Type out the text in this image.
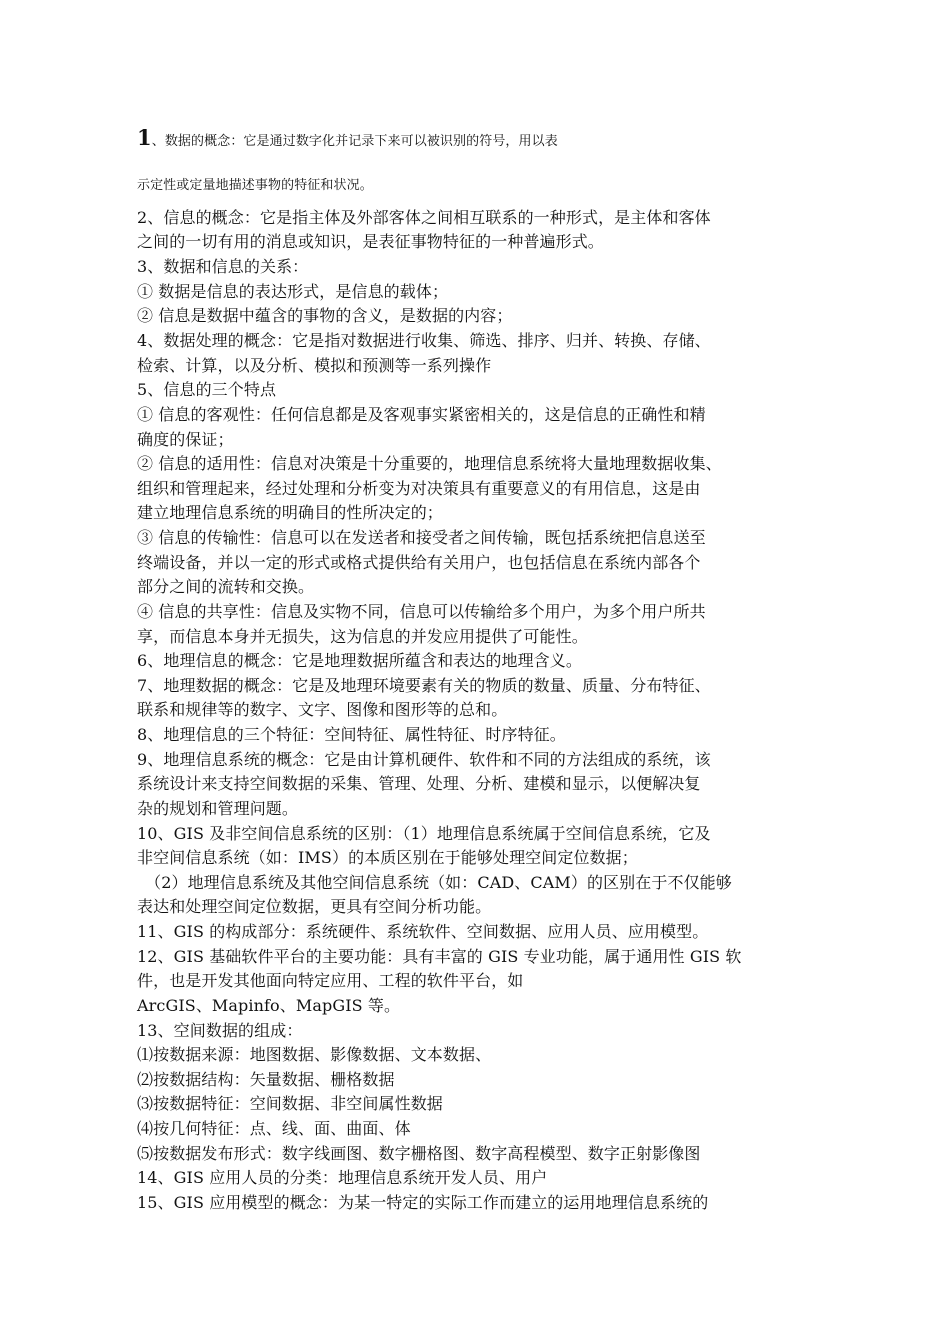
1、数据的概念：它是通过数字化并记录下来可以被识别的符号，用以表

示定性或定量地描述事物的特征和状况。

2、信息的概念：它是指主体及外部客体之间相互联系的一种形式，是主体和客体

之间的一切有用的消息或知识，是表征事物特征的一种普遍形式。

3、数据和信息的关系：

① 数据是信息的表达形式，是信息的载体；

② 信息是数据中蕴含的事物的含义，是数据的内容；

4、数据处理的概念：它是指对数据进行收集、筛选、排序、归并、转换、存储、

检索、计算，以及分析、模拟和预测等一系列操作

5、信息的三个特点

① 信息的客观性：任何信息都是及客观事实紧密相关的，这是信息的正确性和精

确度的保证；

② 信息的适用性：信息对决策是十分重要的，地理信息系统将大量地理数据收集、

组织和管理起来，经过处理和分析变为对决策具有重要意义的有用信息，这是由

建立地理信息系统的明确目的性所决定的；

③ 信息的传输性：信息可以在发送者和接受者之间传输，既包括系统把信息送至

终端设备，并以一定的形式或格式提供给有关用户，也包括信息在系统内部各个

部分之间的流转和交换。

④ 信息的共享性：信息及实物不同，信息可以传输给多个用户，为多个用户所共

享，而信息本身并无损失，这为信息的并发应用提供了可能性。

6、地理信息的概念：它是地理数据所蕴含和表达的地理含义。

7、地理数据的概念：它是及地理环境要素有关的物质的数量、质量、分布特征、

联系和规律等的数字、文字、图像和图形等的总和。

8、地理信息的三个特征：空间特征、属性特征、时序特征。

9、地理信息系统的概念：它是由计算机硬件、软件和不同的方法组成的系统，该

系统设计来支持空间数据的采集、管理、处理、分析、建模和显示，以便解决复

杂的规划和管理问题。

10、GIS 及非空间信息系统的区别：（1）地理信息系统属于空间信息系统，它及

非空间信息系统（如：IMS）的本质区别在于能够处理空间定位数据；

　（2）地理信息系统及其他空间信息系统（如：CAD、CAM）的区别在于不仅能够

表达和处理空间定位数据，更具有空间分析功能。

11、GIS 的构成部分：系统硬件、系统软件、空间数据、应用人员、应用模型。

12、GIS 基础软件平台的主要功能：具有丰富的 GIS 专业功能，属于通用性 GIS 软

件，也是开发其他面向特定应用、工程的软件平台，如

ArcGIS、Mapinfo、MapGIS 等。

13、空间数据的组成：

⑴按数据来源：地图数据、影像数据、文本数据、

⑵按数据结构：矢量数据、栅格数据

⑶按数据特征：空间数据、非空间属性数据

⑷按几何特征：点、线、面、曲面、体

⑸按数据发布形式：数字线画图、数字栅格图、数字高程模型、数字正射影像图

14、GIS 应用人员的分类：地理信息系统开发人员、用户

15、GIS 应用模型的概念：为某一特定的实际工作而建立的运用地理信息系统的
